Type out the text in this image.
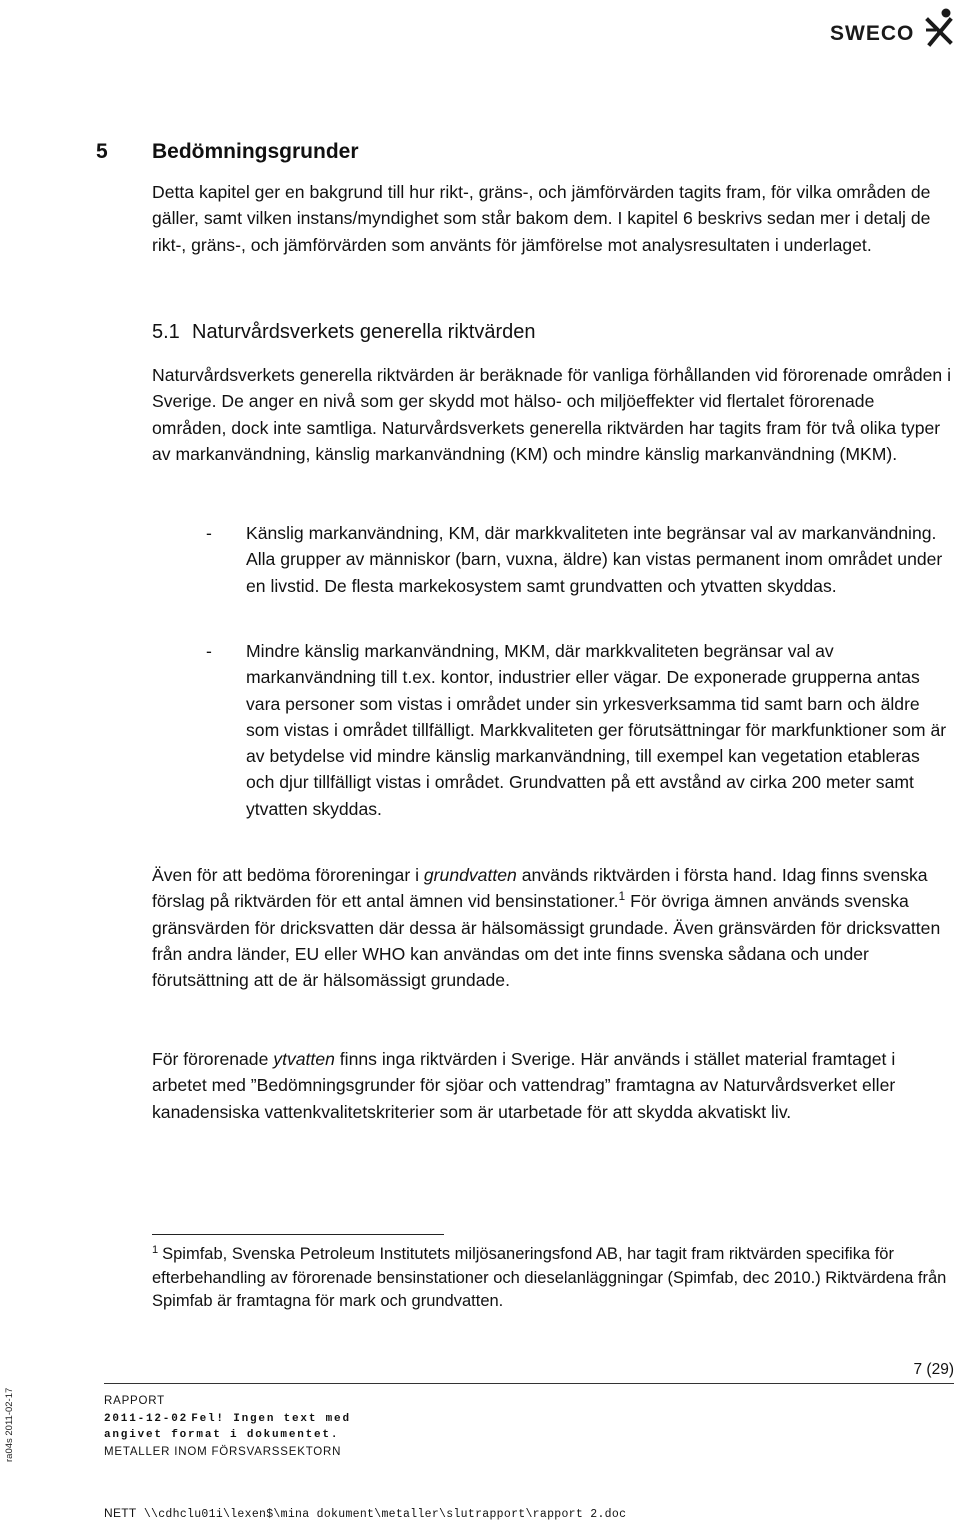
SWECO
5 Bedömningsgrunder

Detta kapitel ger en bakgrund till hur rikt-, gräns-, och jämförvärden tagits fram, för vilka områden de gäller, samt vilken instans/myndighet som står bakom dem. I kapitel 6 beskrivs sedan mer i detalj de rikt-, gräns-, och jämförvärden som använts för jämförelse mot analysresultaten i underlaget.

5.1 Naturvårdsverkets generella riktvärden

Naturvårdsverkets generella riktvärden är beräknade för vanliga förhållanden vid förorenade områden i Sverige. De anger en nivå som ger skydd mot hälso- och miljöeffekter vid flertalet förorenade områden, dock inte samtliga. Naturvårdsverkets generella riktvärden har tagits fram för två olika typer av markanvändning, känslig markanvändning (KM) och mindre känslig markanvändning (MKM).

- Känslig markanvändning, KM, där markkvaliteten inte begränsar val av markanvändning. Alla grupper av människor (barn, vuxna, äldre) kan vistas permanent inom området under en livstid. De flesta markekosystem samt grundvatten och ytvatten skyddas.
- Mindre känslig markanvändning, MKM, där markkvaliteten begränsar val av markanvändning till t.ex. kontor, industrier eller vägar. De exponerade grupperna antas vara personer som vistas i området under sin yrkesverksamma tid samt barn och äldre som vistas i området tillfälligt. Markkvaliteten ger förutsättningar för markfunktioner som är av betydelse vid mindre känslig markanvändning, till exempel kan vegetation etableras och djur tillfälligt vistas i området. Grundvatten på ett avstånd av cirka 200 meter samt ytvatten skyddas.

Även för att bedöma föroreningar i grundvatten används riktvärden i första hand. Idag finns svenska förslag på riktvärden för ett antal ämnen vid bensinstationer.$^1$ För övriga ämnen används svenska gränsvärden för dricksvatten där dessa är hälsomässigt grundade. Även gränsvärden för dricksvatten från andra länder, EU eller WHO kan användas om det inte finns svenska sådana och under förutsättning att de är hälsomässigt grundade.

För förorenade ytvatten finns inga riktvärden i Sverige. Här används i stället material framtaget i arbetet med ”Bedömningsgrunder för sjöar och vattendrag” framtagna av Naturvårdsverket eller kanadensiska vattenkvalitetskriterier som är utarbetade för att skydda akvatiskt liv.

$^1$ Spimfab, Svenska Petroleum Institutets miljösaneringsfond AB, har tagit fram riktvärden specifika för efterbehandling av förorenade bensinstationer och dieselanläggningar (Spimfab, dec 2010.) Riktvärdena från Spimfab är framtagna för mark och grundvatten.

7 (29)
RAPPORT
2011-12-02 Fel! Ingen text med
angivet format i dokumentet.
METALLER INOM FÖRSVARSSEKTORN
ra04s 2011-02-17
NETT \\cdhclu01i\lexen$\mina dokument\metaller\slutrapport\rapport 2.doc
